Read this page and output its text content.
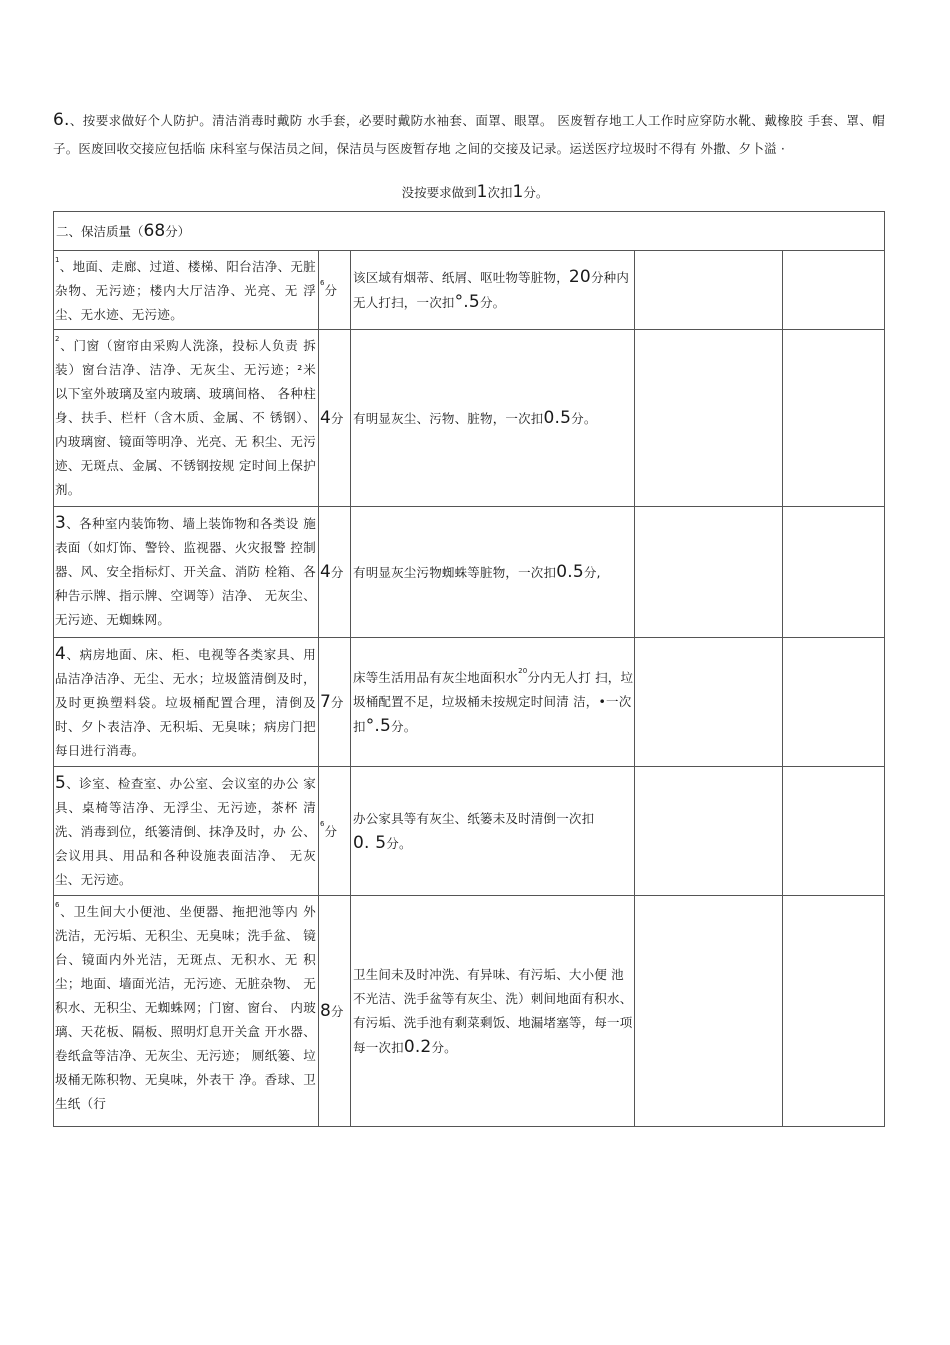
6.、按要求做好个人防护。清洁消毒时戴防 水手套，必要时戴防水袖套、面罩、眼罩。 医废暂存地工人工作时应穿防水靴、戴橡胶 手套、罩、帽子。医废回收交接应包括临 床科室与保洁员之间，保洁员与医废暂存地 之间的交接及记录。运送医疗垃圾时不得有 外撒、夕卜溢 ·
没按要求做到1次扣1分。
二、保洁质量（68分）				
$^1$、地面、走廊、过道、楼梯、阳台洁净、无脏杂物、无污迹；楼内大厅洁净、光亮、无 浮尘、无水迹、无污迹。	$^6$分	该区域有烟蒂、纸屑、呕吐物等脏物，20分种内无人打扫，一次扣°.5分。		
$^2$、门窗（窗帘由采购人洗涤，投标人负责 拆装）窗台洁净、洁净、无灰尘、无污迹；²米以下室外玻璃及室内玻璃、玻璃间格、 各种柱身、扶手、栏杆（含木质、金属、不 锈钢）、内玻璃窗、镜面等明净、光亮、无 积尘、无污迹、无斑点、金属、不锈钢按规 定时间上保护剂。	4分	有明显灰尘、污物、脏物，一次扣0.5分。		
3、各种室内装饰物、墙上装饰物和各类设 施表面（如灯饰、警铃、监视器、火灾报警 控制器、风、安全指标灯、开关盒、消防 栓箱、各种告示牌、指示牌、空调等）洁净、 无灰尘、无污迹、无蜘蛛网。	4分	有明显灰尘污物蜘蛛等脏物，一次扣0.5分,		
4、病房地面、床、柜、电视等各类家具、用品洁净洁净、无尘、无水；垃圾篮清倒及时，及时更换塑料袋。垃圾桶配置合理，清倒及时、夕卜表洁净、无积垢、无臭味；病房门把每日进行消毒。	7分	床等生活用品有灰尘地面积水$^{20}$分内无人打 扫，垃圾桶配置不足，垃圾桶未按规定时间清 洁，•一次扣°.5分。		
5、诊室、检查室、办公室、会议室的办公 家具、桌椅等洁净、无浮尘、无污迹，茶杯 清洗、消毒到位，纸篓清倒、抹净及时，办 公、会议用具、用品和各种设施表面洁净、 无灰尘、无污迹。	$^6$分	办公家具等有灰尘、纸篓未及时清倒一次扣
0. 5分。		
$^6$、卫生间大小便池、坐便器、拖把池等内 外洗洁，无污垢、无积尘、无臭味；洗手盆、 镜台、镜面内外光洁，无斑点、无积水、无 积尘；地面、墙面光洁，无污迹、无脏杂物、 无积水、无积尘、无蜘蛛网；门窗、窗台、 内玻璃、天花板、隔板、照明灯息开关盒 开水器、卷纸盒等洁净、无灰尘、无污迹； 厕纸篓、垃圾桶无陈积物、无臭味，外表干 净。香球、卫生纸（行	8分	卫生间未及时冲洗、有异味、有污垢、大小便 池不光洁、洗手盆等有灰尘、洗）刺间地面有积水、有污垢、洗手池有剩菜剩饭、地漏堵塞等，每一项每一次扣0.2分。		
